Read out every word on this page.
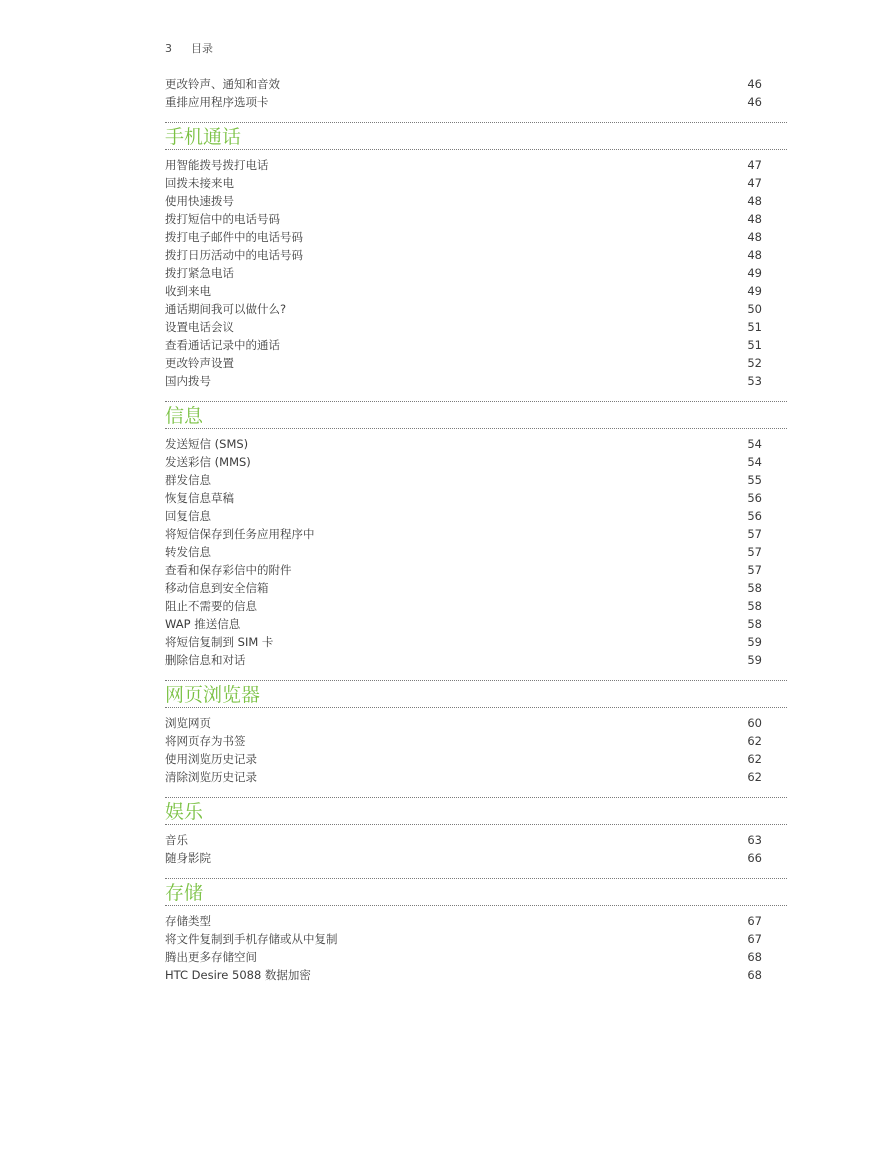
3	目录
更改铃声、通知和音效	46
重排应用程序选项卡	46
手机通话
用智能拨号拨打电话	47
回拨未接来电	47
使用快速拨号	48
拨打短信中的电话号码	48
拨打电子邮件中的电话号码	48
拨打日历活动中的电话号码	48
拨打紧急电话	49
收到来电	49
通话期间我可以做什么?	50
设置电话会议	51
查看通话记录中的通话	51
更改铃声设置	52
国内拨号	53
信息
发送短信 (SMS)	54
发送彩信 (MMS)	54
群发信息	55
恢复信息草稿	56
回复信息	56
将短信保存到任务应用程序中	57
转发信息	57
查看和保存彩信中的附件	57
移动信息到安全信箱	58
阻止不需要的信息	58
WAP 推送信息	58
将短信复制到 SIM 卡	59
删除信息和对话	59
网页浏览器
浏览网页	60
将网页存为书签	62
使用浏览历史记录	62
清除浏览历史记录	62
娱乐
音乐	63
随身影院	66
存储
存储类型	67
将文件复制到手机存储或从中复制	67
腾出更多存储空间	68
HTC Desire 5088 数据加密	68
